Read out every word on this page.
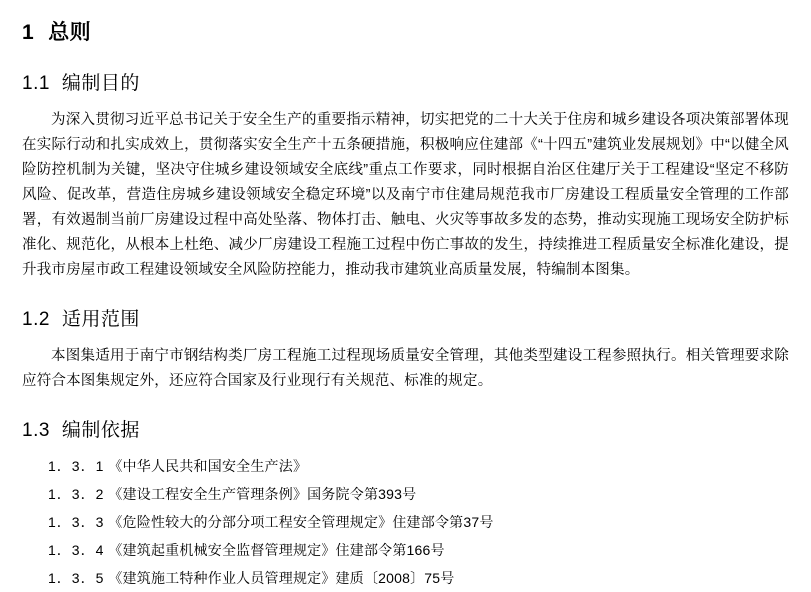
1 总则
1.1 编制目的

为深入贯彻习近平总书记关于安全生产的重要指示精神，切实把党的二十大关于住房和城乡建设各项决策部署体现在实际行动和扎实成效上，贯彻落实安全生产十五条硬措施，积极响应住建部《“十四五”建筑业发展规划》中“以健全风险防控机制为关键，坚决守住城乡建设领域安全底线”重点工作要求，同时根据自治区住建厅关于工程建设“坚定不移防风险、促改革，营造住房城乡建设领域安全稳定环境”以及南宁市住建局规范我市厂房建设工程质量安全管理的工作部署，有效遏制当前厂房建设过程中高处坠落、物体打击、触电、火灾等事故多发的态势，推动实现施工现场安全防护标准化、规范化，从根本上杜绝、减少厂房建设工程施工过程中伤亡事故的发生，持续推进工程质量安全标准化建设，提升我市房屋市政工程建设领域安全风险防控能力，推动我市建筑业高质量发展，特编制本图集。

1.2 适用范围

本图集适用于南宁市钢结构类厂房工程施工过程现场质量安全管理，其他类型建设工程参照执行。相关管理要求除应符合本图集规定外，还应符合国家及行业现行有关规范、标准的规定。

1.3 编制依据
1．3．1 《中华人民共和国安全生产法》
1．3．2 《建设工程安全生产管理条例》国务院令第393号
1．3．3 《危险性较大的分部分项工程安全管理规定》住建部令第37号
1．3．4 《建筑起重机械安全监督管理规定》住建部令第166号
1．3．5 《建筑施工特种作业人员管理规定》建质〔2008〕75号
